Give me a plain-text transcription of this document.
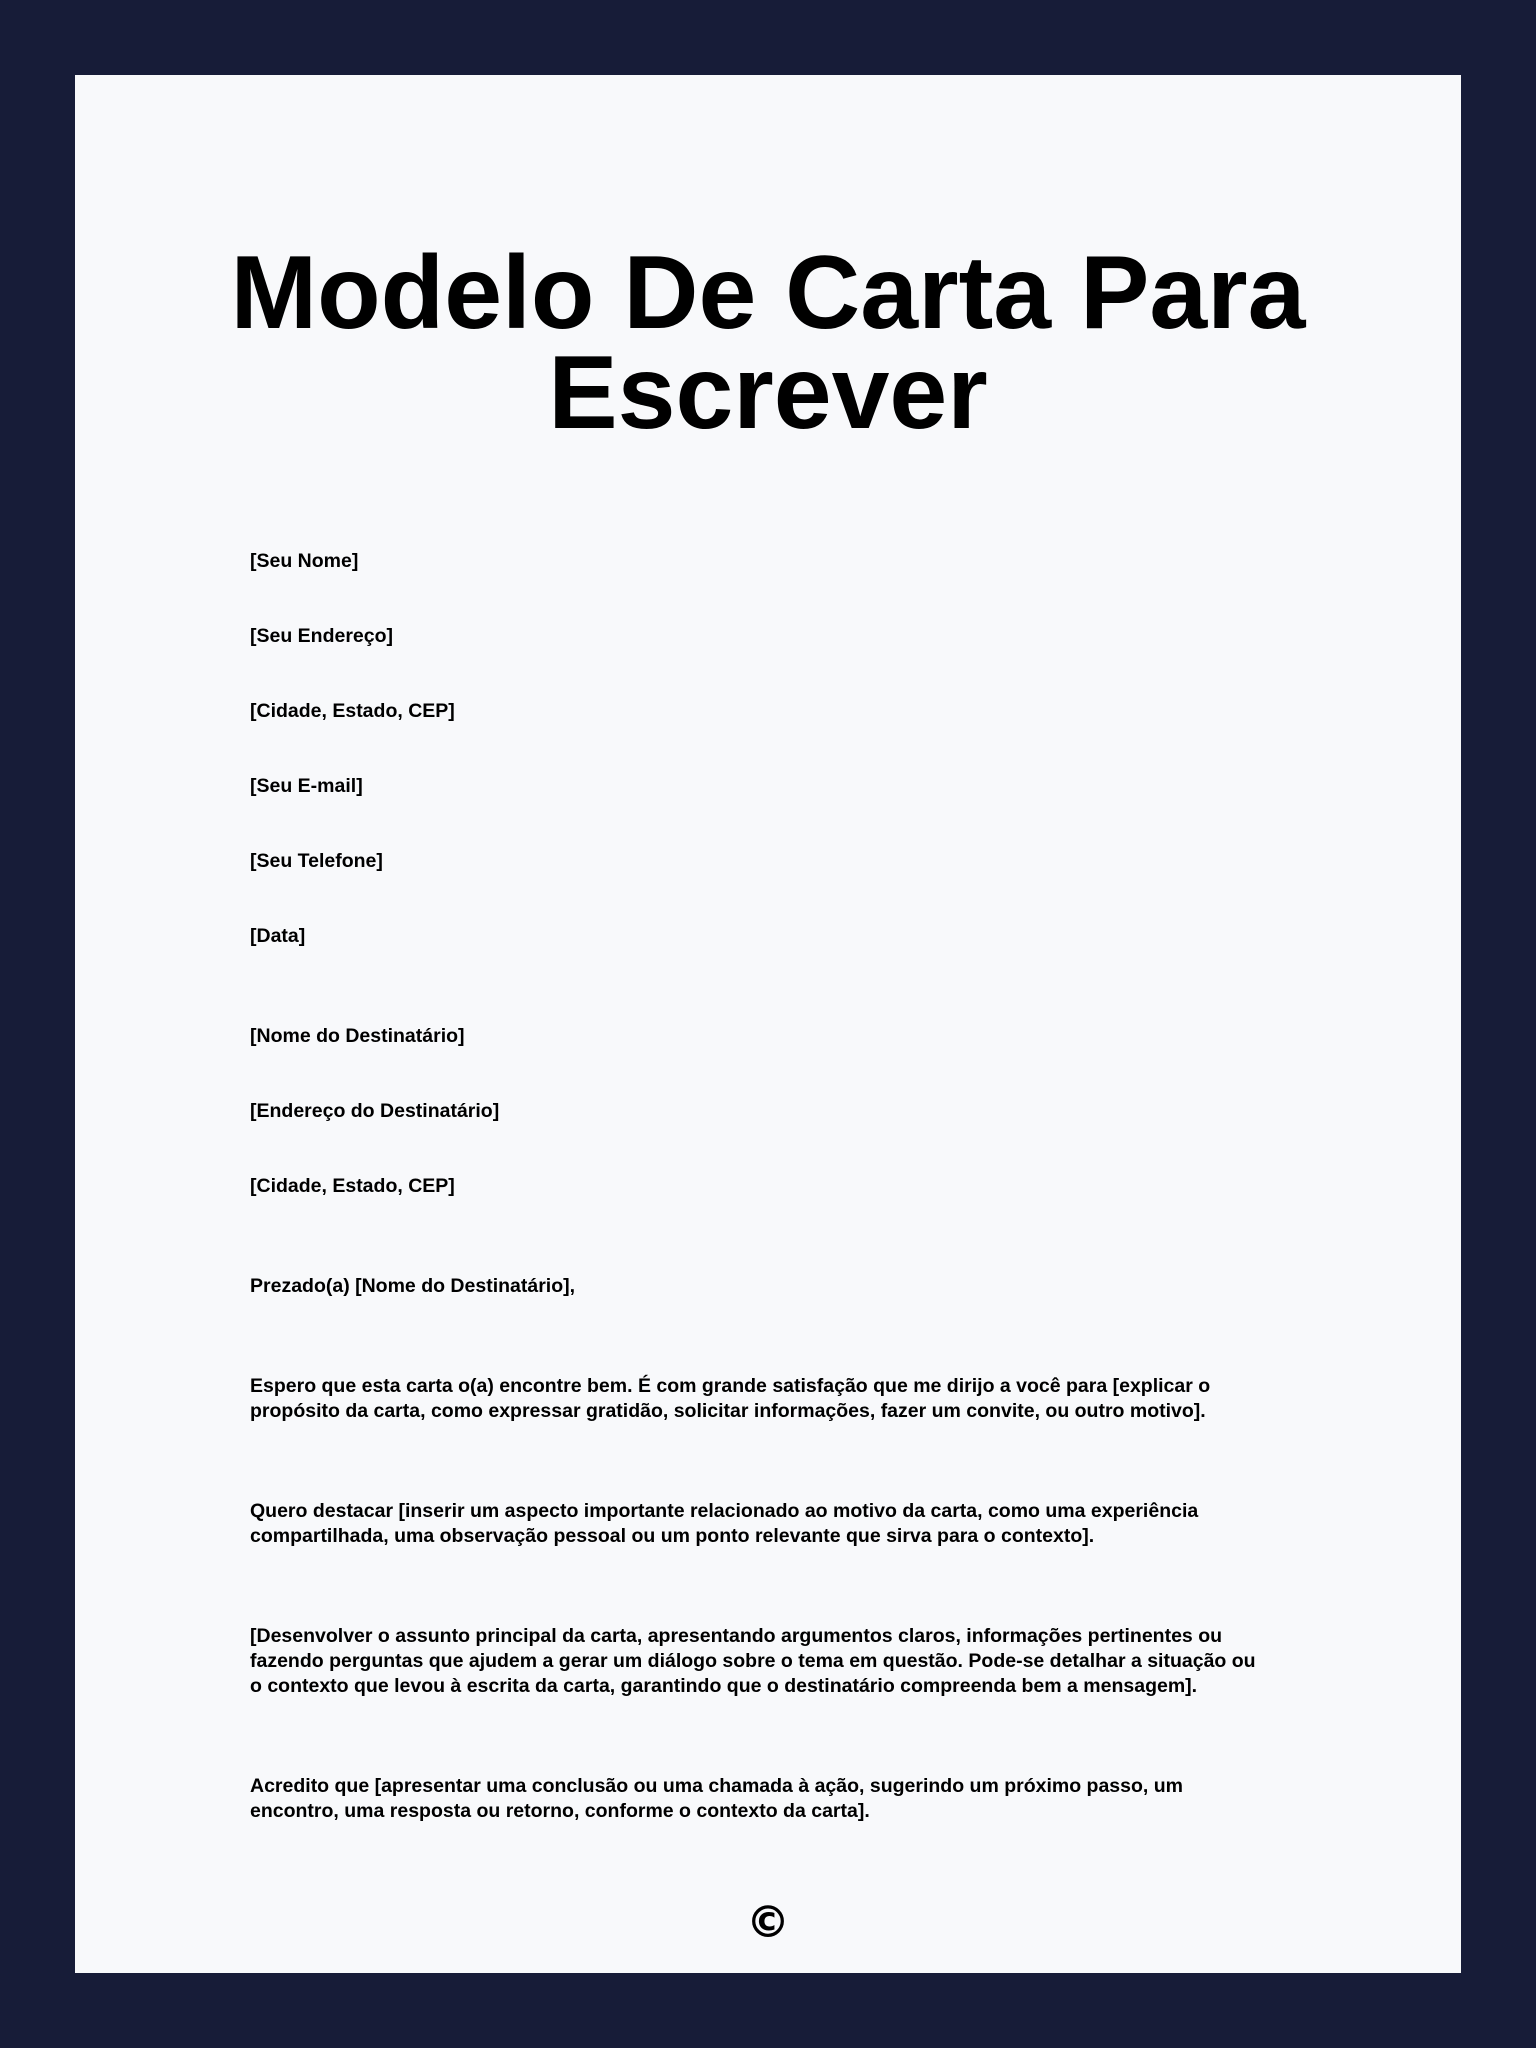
Modelo De Carta Para Escrever

[Seu Nome]

[Seu Endereço]

[Cidade, Estado, CEP]

[Seu E-mail]

[Seu Telefone]

[Data]

[Nome do Destinatário]

[Endereço do Destinatário]

[Cidade, Estado, CEP]

Prezado(a) [Nome do Destinatário],

Espero que esta carta o(a) encontre bem. É com grande satisfação que me dirijo a você para [explicar o propósito da carta, como expressar gratidão, solicitar informações, fazer um convite, ou outro motivo].

Quero destacar [inserir um aspecto importante relacionado ao motivo da carta, como uma experiência compartilhada, uma observação pessoal ou um ponto relevante que sirva para o contexto].

[Desenvolver o assunto principal da carta, apresentando argumentos claros, informações pertinentes ou fazendo perguntas que ajudem a gerar um diálogo sobre o tema em questão. Pode-se detalhar a situação ou o contexto que levou à escrita da carta, garantindo que o destinatário compreenda bem a mensagem].

Acredito que [apresentar uma conclusão ou uma chamada à ação, sugerindo um próximo passo, um encontro, uma resposta ou retorno, conforme o contexto da carta].

©
